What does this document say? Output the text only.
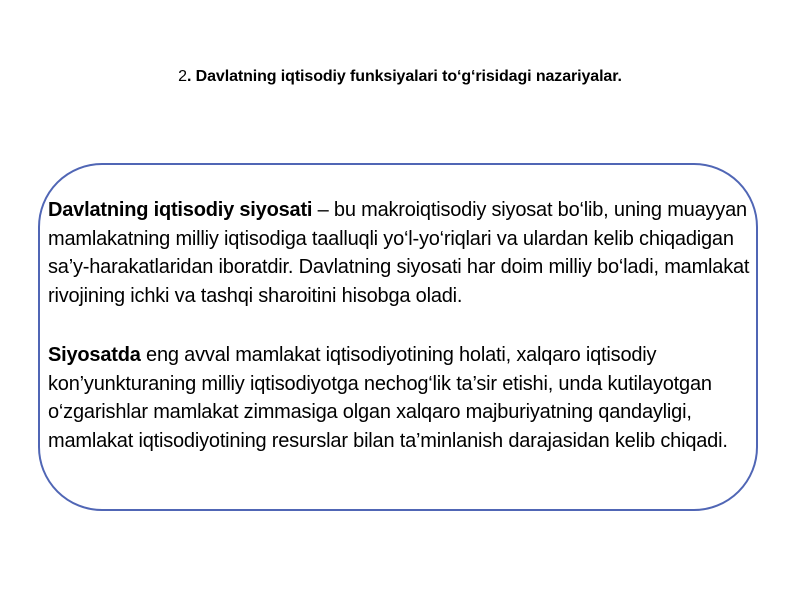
2. Davlatning iqtisodiy funksiyalari to‘g‘risidagi nazariyalar.

Davlatning iqtisodiy siyosati – bu makroiqtisodiy siyosat bo‘lib, uning muayyan mamlakatning milliy iqtisodiga taalluqli yo‘l-yo‘riqlari va ulardan kelib chiqadigan sa’y-harakatlaridan iboratdir. Davlatning siyosati har doim milliy bo‘ladi, mamlakat rivojining ichki va tashqi sharoitini hisobga oladi.

Siyosatda eng avval mamlakat iqtisodiyotining holati, xalqaro iqtisodiy kon’yunkturaning milliy iqtisodiyotga nechog‘lik ta’sir etishi, unda kutilayotgan o‘zgarishlar mamlakat zimmasiga olgan xalqaro majburiyatning qandayligi, mamlakat iqtisodiyotining resurslar bilan ta’minlanish darajasidan kelib chiqadi.
